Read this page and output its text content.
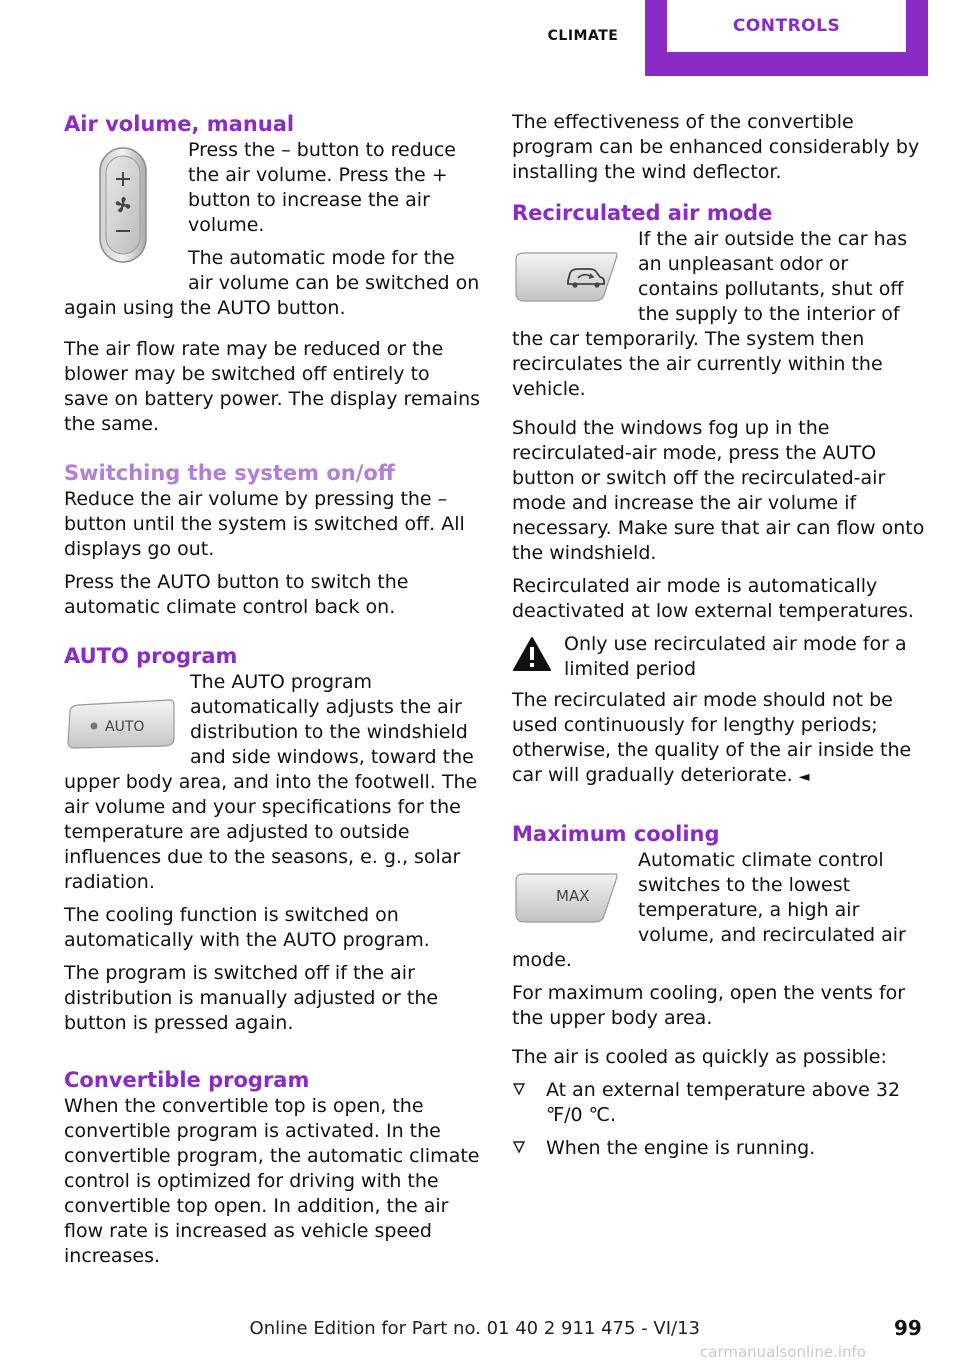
CLIMATE	CONTROLS
Air volume, manual

Press the – button to reduce the air volume. Press the + button to increase the air volume.

The automatic mode for the air volume can be switched on again using the AUTO button.

The air flow rate may be reduced or the blower may be switched off entirely to save on battery power. The display remains the same.

Switching the system on/off

Reduce the air volume by pressing the – button until the system is switched off. All displays go out.

Press the AUTO button to switch the automatic climate control back on.

AUTO program
AUTO

The AUTO program automatically adjusts the air distribution to the windshield and side windows, toward the upper body area, and into the footwell. The air volume and your specifications for the temperature are adjusted to outside influences due to the seasons, e. g., solar radiation.

The cooling function is switched on automatically with the AUTO program.

The program is switched off if the air distribution is manually adjusted or the button is pressed again.

Convertible program

When the convertible top is open, the convertible program is activated. In the convertible program, the automatic climate control is optimized for driving with the convertible top open. In addition, the air flow rate is increased as vehicle speed increases.

The effectiveness of the convertible program can be enhanced considerably by installing the wind deflector.

Recirculated air mode

If the air outside the car has an unpleasant odor or contains pollutants, shut off the supply to the interior of the car temporarily. The system then recirculates the air currently within the vehicle.

Should the windows fog up in the recirculated-air mode, press the AUTO button or switch off the recirculated-air mode and increase the air volume if necessary. Make sure that air can flow onto the windshield.

Recirculated air mode is automatically deactivated at low external temperatures.

Only use recirculated air mode for a limited period

The recirculated air mode should not be used continuously for lengthy periods; otherwise, the quality of the air inside the car will gradually deteriorate. ◄

Maximum cooling
MAX

Automatic climate control switches to the lowest temperature, a high air volume, and recirculated air mode.

For maximum cooling, open the vents for the upper body area.

The air is cooled as quickly as possible:

At an external temperature above 32 ℉/0 ℃.
When the engine is running.
Online Edition for Part no. 01 40 2 911 475 - VI/13	99
carmanualsonline.info
